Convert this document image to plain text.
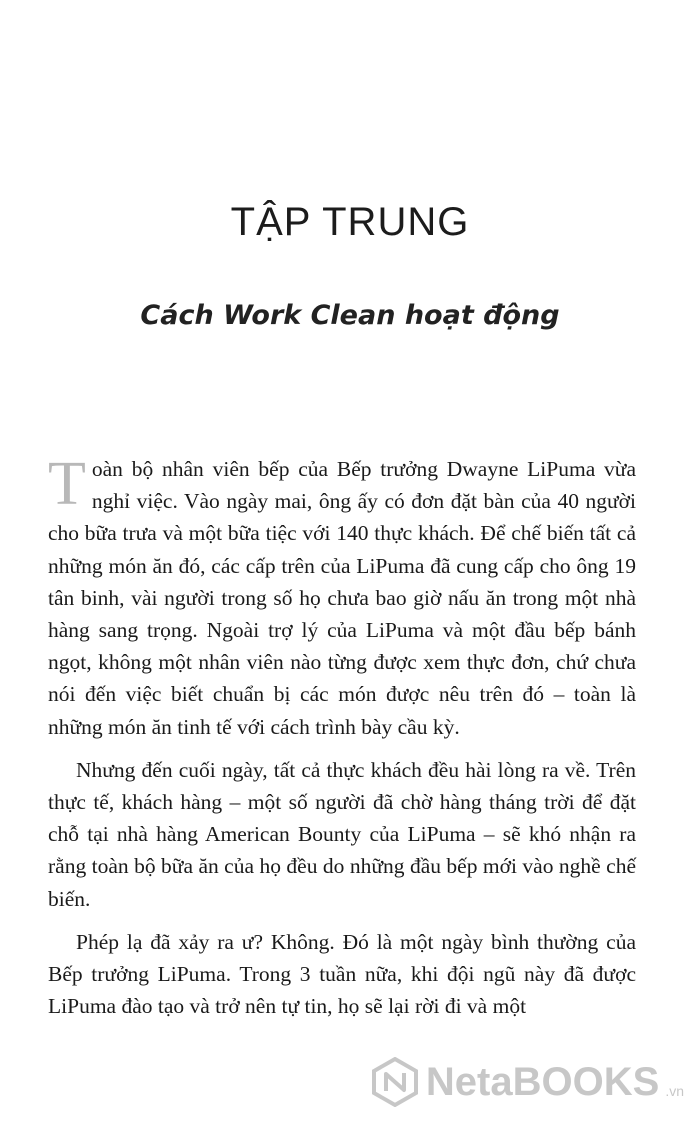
TẬP TRUNG
Cách Work Clean hoạt động

Toàn bộ nhân viên bếp của Bếp trưởng Dwayne LiPuma vừa nghỉ việc. Vào ngày mai, ông ấy có đơn đặt bàn của 40 người cho bữa trưa và một bữa tiệc với 140 thực khách. Để chế biến tất cả những món ăn đó, các cấp trên của LiPuma đã cung cấp cho ông 19 tân binh, vài người trong số họ chưa bao giờ nấu ăn trong một nhà hàng sang trọng. Ngoài trợ lý của LiPuma và một đầu bếp bánh ngọt, không một nhân viên nào từng được xem thực đơn, chứ chưa nói đến việc biết chuẩn bị các món được nêu trên đó – toàn là những món ăn tinh tế với cách trình bày cầu kỳ.

Nhưng đến cuối ngày, tất cả thực khách đều hài lòng ra về. Trên thực tế, khách hàng – một số người đã chờ hàng tháng trời để đặt chỗ tại nhà hàng American Bounty của LiPuma – sẽ khó nhận ra rằng toàn bộ bữa ăn của họ đều do những đầu bếp mới vào nghề chế biến.

Phép lạ đã xảy ra ư? Không. Đó là một ngày bình thường của Bếp trưởng LiPuma. Trong 3 tuần nữa, khi đội ngũ này đã được LiPuma đào tạo và trở nên tự tin, họ sẽ lại rời đi và một

NetaBOOKS .vn
